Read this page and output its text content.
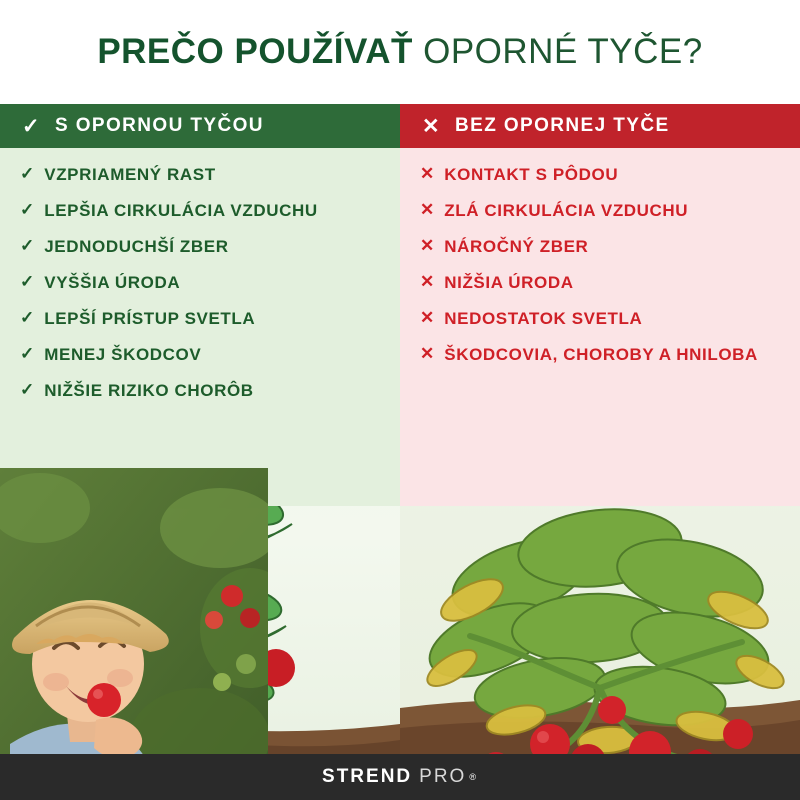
PREČO POUŽÍVAŤ OPORNÉ TYČE?
✓ S OPORNOU TYČOU
✓ VZPRIAMENÝ RAST
✓ LEPŠIA CIRKULÁCIA VZDUCHU
✓ JEDNODUCHŠÍ ZBER
✓ VYŠŠIA ÚRODA
✓ LEPŠÍ PRÍSTUP SVETLA
✓ MENEJ ŠKODCOV
✓ NIŽŠIE RIZIKO CHORÔB
✕ BEZ OPORNEJ TYČE
✕ KONTAKT S PÔDOU
✕ ZLÁ CIRKULÁCIA VZDUCHU
✕ NÁROČNÝ ZBER
✕ NIŽŠIA ÚRODA
✕ NEDOSTATOK SVETLA
✕ ŠKODCOVIA, CHOROBY A HNILOBA
STREND PRO ®
